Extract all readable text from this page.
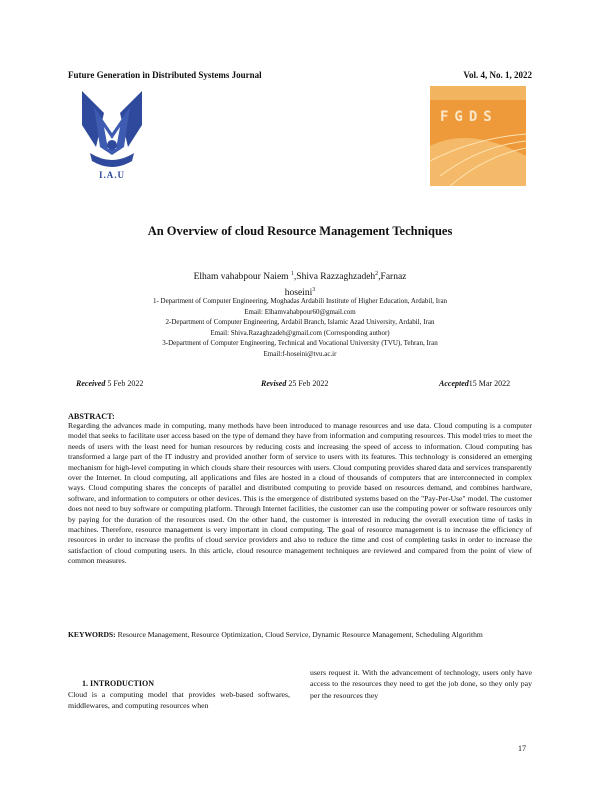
Future Generation in Distributed Systems Journal	Vol. 4, No. 1, 2022
I.A.U
FGDS
An Overview of cloud Resource Management Techniques
Elham vahabpour Naiem $^1$,Shiva Razzaghzadeh$^2$,Farnaz
hoseini$^3$
1- Department of Computer Engineering, Moghadas Ardabili Institute of Higher Education, Ardabil, Iran
Email: Elhamvahabpour60@gmail.com
2-Department of Computer Engineering, Ardabil Branch, Islamic Azad University, Ardabil, Iran
Email: Shiva.Razaghzadeh@gmail.com (Corresponding author)
3-Department of Computer Engineering, Technical and Vocational University (TVU), Tehran, Iran
Email:f-hoseini@tvu.ac.ir
Received 5 Feb 2022	Revised 25 Feb 2022	Accepted15 Mar 2022
ABSTRACT:
Regarding the advances made in computing, many methods have been introduced to manage resources and use data. Cloud computing is a computer model that seeks to facilitate user access based on the type of demand they have from information and computing resources. This model tries to meet the needs of users with the least need for human resources by reducing costs and increasing the speed of access to information. Cloud computing has transformed a large part of the IT industry and provided another form of service to users with its features. This technology is considered an emerging mechanism for high-level computing in which clouds share their resources with users. Cloud computing provides shared data and services transparently over the Internet. In cloud computing, all applications and files are hosted in a cloud of thousands of computers that are interconnected in complex ways. Cloud computing shares the concepts of parallel and distributed computing to provide based on resources demand, and combines hardware, software, and information to computers or other devices. This is the emergence of distributed systems based on the "Pay-Per-Use" model. The customer does not need to buy software or computing platform. Through Internet facilities, the customer can use the computing power or software resources only by paying for the duration of the resources used. On the other hand, the customer is interested in reducing the overall execution time of tasks in machines. Therefore, resource management is very important in cloud computing. The goal of resource management is to increase the efficiency of resources in order to increase the profits of cloud service providers and also to reduce the time and cost of completing tasks in order to increase the satisfaction of cloud computing users. In this article, cloud resource management techniques are reviewed and compared from the point of view of common measures.
KEYWORDS: Resource Management, Resource Optimization, Cloud Service, Dynamic Resource Management, Scheduling Algorithm
1. INTRODUCTION
Cloud is a computing model that provides web-based softwares, middlewares, and computing resources when
users request it. With the advancement of technology, users only have access to the resources they need to get the job done, so they only pay per the resources they
17
